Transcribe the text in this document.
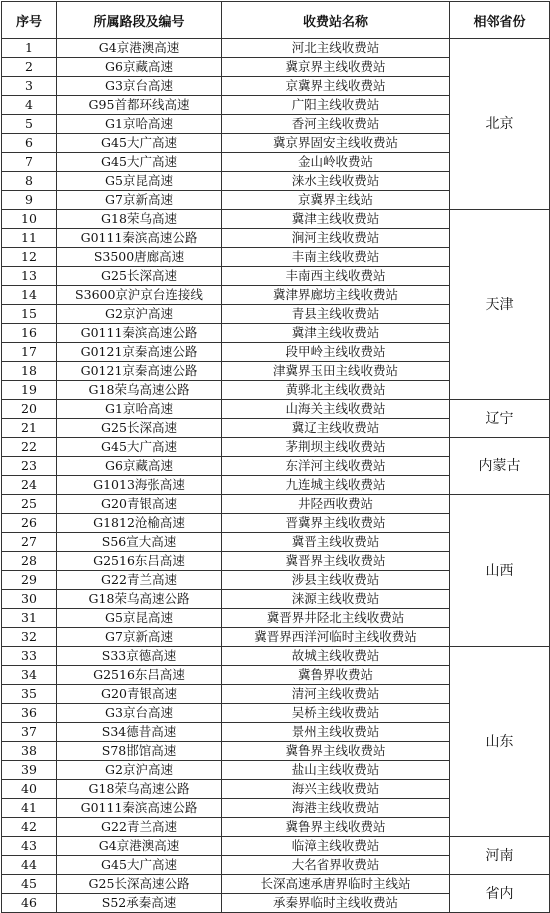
序号	所属路段及编号	收费站名称	相邻省份
1	G4京港澳高速	河北主线收费站	北京
2	G6京藏高速	冀京界主线收费站	
3	G3京台高速	京冀界主线收费站	
4	G95首都环线高速	广阳主线收费站	
5	G1京哈高速	香河主线收费站	
6	G45大广高速	冀京界固安主线收费站	
7	G45大广高速	金山岭收费站	
8	G5京昆高速	涞水主线收费站	
9	G7京新高速	京冀界主线站	
10	G18荣乌高速	冀津主线收费站	天津
11	G0111秦滨高速公路	涧河主线收费站	
12	S3500唐廊高速	丰南主线收费站	
13	G25长深高速	丰南西主线收费站	
14	S3600京沪京台连接线	冀津界廊坊主线收费站	
15	G2京沪高速	青县主线收费站	
16	G0111秦滨高速公路	冀津主线收费站	
17	G0121京秦高速公路	段甲岭主线收费站	
18	G0121京秦高速公路	津冀界玉田主线收费站	
19	G18荣乌高速公路	黄骅北主线收费站	
20	G1京哈高速	山海关主线收费站	辽宁
21	G25长深高速	冀辽主线收费站	
22	G45大广高速	茅荆坝主线收费站	内蒙古
23	G6京藏高速	东洋河主线收费站	
24	G1013海张高速	九连城主线收费站	
25	G20青银高速	井陉西收费站	山西
26	G1812沧榆高速	晋冀界主线收费站	
27	S56宣大高速	冀晋主线收费站	
28	G2516东吕高速	冀晋界主线收费站	
29	G22青兰高速	涉县主线收费站	
30	G18荣乌高速公路	涞源主线收费站	
31	G5京昆高速	冀晋界井陉北主线收费站	
32	G7京新高速	冀晋界西洋河临时主线收费站	
33	S33京德高速	故城主线收费站	山东
34	G2516东吕高速	冀鲁界收费站	
35	G20青银高速	清河主线收费站	
36	G3京台高速	吴桥主线收费站	
37	S34德昔高速	景州主线收费站	
38	S78邯馆高速	冀鲁界主线收费站	
39	G2京沪高速	盐山主线收费站	
40	G18荣乌高速公路	海兴主线收费站	
41	G0111秦滨高速公路	海港主线收费站	
42	G22青兰高速	冀鲁界主线收费站	
43	G4京港澳高速	临漳主线收费站	河南
44	G45大广高速	大名省界收费站	
45	G25长深高速公路	长深高速承唐界临时主线站	省内
46	S52承秦高速	承秦界临时主线收费站	
